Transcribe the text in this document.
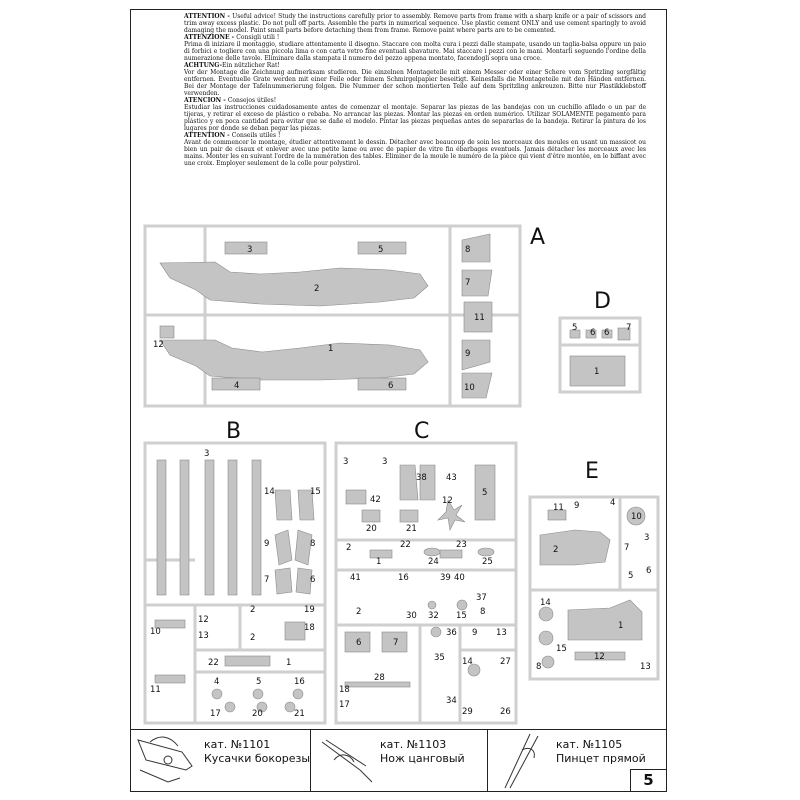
ATTENTION - Useful advice! Study the instructions carefully prior to assembly. Remove parts from frame with a sharp knife or a pair of scissors and trim away excess plastic. Do not pull off parts. Assemble the parts in numerical sequence. Use plastic cement ONLY and use cement sparingly to avoid damaging the model. Paint small parts before detaching them from frame. Remove paint where parts are to be cemented.

ATTENZIONE - Consigli utili !

Prima di iniziare il montaggio, studiare attentamente il disegno. Staccare con molta cura i pezzi dalle stampate, usando un taglia-balsa oppure un paio di forbici e togliere con una piccola lima o con carta vetro fine eventuali sbavature. Mai staccare i pezzi con le mani. Montarli seguendo l'ordine della numerazione delle tavole. Eliminare dalla stampata il numero del pezzo appena montato, facendogli sopra una croce.

ACHTUNG-Ein nützlicher Rat!

Vor der Montage die Zeichnung aufmerksam studieren. Die einzelnen Montageteile mit einem Messer oder einer Schere vom Spritzling sorgfältig entfernen. Eventuelle Grate werden mit einer Feile oder feinem Schmirgelpapier beseitigt. Keinesfalls die Montageteile mit den Händen entfernen. Bei der Montage der Tafelnummerierung folgen. Die Nummer der schon montierten Teile auf dem Spritzling ankreuzen. Bitte nur Plastikklebstoff verwenden.

ATENCION - Consejos útiles!

Estudiar las instrucciones cuidadosamente antes de comenzar el montaje. Separar las piezas de las bandejas con un cuchillo afilado o un par de tijeras, y retirar el exceso de plástico o rebaba. No arrancar las piezas. Montar las piezas en orden numérico. Utilizar SOLAMENTE pegamento para plástico y en poca cantidad para evitar que se dañe el modelo. Pintar las piezas pequeñas antes de separarlas de la bandeja. Retirar la pintura de los lugares por donde se deban pegar las piezas.

ATTENTION - Conseils utiles !

Avant de commencer le montage, étudier attentivement le dessin. Détacher avec beaucoup de soin les morceaux des moules en usant un massicot ou bien un pair de cisaux et enlever avec une petite lame ou avec de papier de vitre fin ébarbages eventuels. Jamais détacher les morceaux avec les mains. Monter les en suivant l'ordre de la numération des tables. Eliminer de la moule le numéro de la pièce qui vient d'être montée, en le biffant avec une croix. Employer seulement de la colle pour polystirol.

A
D
B	C
E
3	5
2
12	1
4	6
8
7
11
9
10
5 6 6 7
1
3
14	15
9	8
7	6
10
12
13
2	19
18
2
11
22	1
4	5	16
17	20	21
3	3
38 43
42
5
12
20	21
2
1
22	23
24	25
41	16	39 40
2	30 32 15
37
8
6	7
36 9 13
35 14	27
28
18
17	34
29	26
11 9	4
10
2	7
3
5 6
14
1
15
8
12
13
кат. №1101
Кусачки бокорезы
кат. №1103
Нож цанговый
кат. №1105
Пинцет прямой
5
